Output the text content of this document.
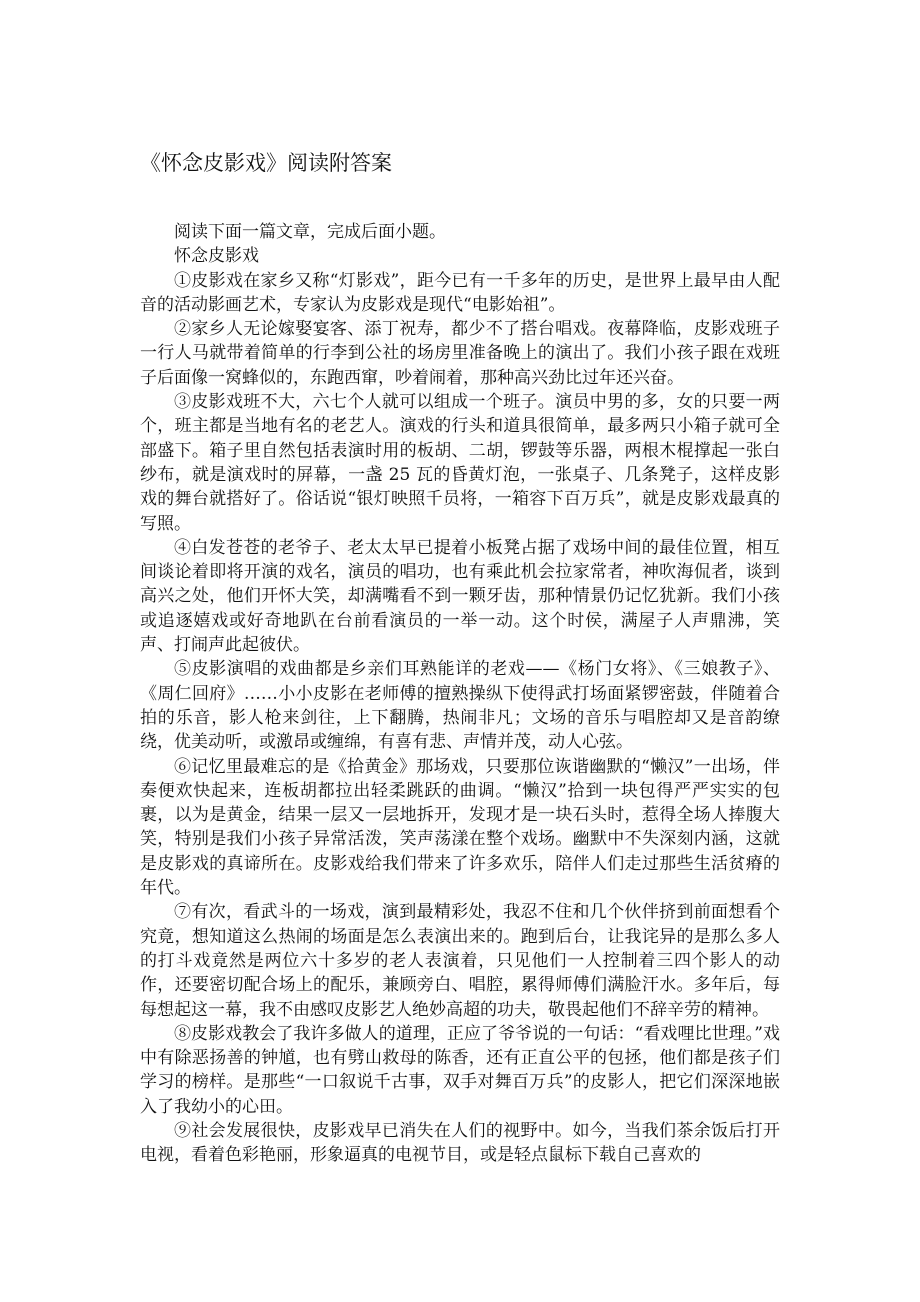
《怀念皮影戏》阅读附答案

阅读下面一篇文章，完成后面小题。

怀念皮影戏

①皮影戏在家乡又称“灯影戏”，距今已有一千多年的历史，是世界上最早由人配音的活动影画艺术，专家认为皮影戏是现代“电影始祖”。

②家乡人无论嫁娶宴客、添丁祝寿，都少不了搭台唱戏。夜幕降临，皮影戏班子一行人马就带着简单的行李到公社的场房里准备晚上的演出了。我们小孩子跟在戏班子后面像一窝蜂似的，东跑西窜，吵着闹着，那种高兴劲比过年还兴奋。

③皮影戏班不大，六七个人就可以组成一个班子。演员中男的多，女的只要一两个，班主都是当地有名的老艺人。演戏的行头和道具很简单，最多两只小箱子就可全部盛下。箱子里自然包括表演时用的板胡、二胡，锣鼓等乐器，两根木棍撑起一张白纱布，就是演戏时的屏幕，一盏 25 瓦的昏黄灯泡，一张桌子、几条凳子，这样皮影戏的舞台就搭好了。俗话说“银灯映照千员将，一箱容下百万兵”，就是皮影戏最真的写照。

④白发苍苍的老爷子、老太太早已提着小板凳占据了戏场中间的最佳位置，相互间谈论着即将开演的戏名，演员的唱功，也有乘此机会拉家常者，神吹海侃者，谈到高兴之处，他们开怀大笑，却满嘴看不到一颗牙齿，那种情景仍记忆犹新。我们小孩或追逐嬉戏或好奇地趴在台前看演员的一举一动。这个时侯，满屋子人声鼎沸，笑声、打闹声此起彼伏。

⑤皮影演唱的戏曲都是乡亲们耳熟能详的老戏——《杨门女将》、《三娘教子》、《周仁回府》……小小皮影在老师傅的擅熟操纵下使得武打场面紧锣密鼓，伴随着合拍的乐音，影人枪来剑往，上下翻腾，热闹非凡；文场的音乐与唱腔却又是音韵缭绕，优美动听，或激昂或缠绵，有喜有悲、声情并茂，动人心弦。

⑥记忆里最难忘的是《拾黄金》那场戏，只要那位诙谐幽默的“懒汉”一出场，伴奏便欢快起来，连板胡都拉出轻柔跳跃的曲调。“懒汉”拾到一块包得严严实实的包裹，以为是黄金，结果一层又一层地拆开，发现才是一块石头时，惹得全场人捧腹大笑，特别是我们小孩子异常活泼，笑声荡漾在整个戏场。幽默中不失深刻内涵，这就是皮影戏的真谛所在。皮影戏给我们带来了许多欢乐，陪伴人们走过那些生活贫瘠的年代。

⑦有次，看武斗的一场戏，演到最精彩处，我忍不住和几个伙伴挤到前面想看个究竟，想知道这么热闹的场面是怎么表演出来的。跑到后台，让我诧异的是那么多人的打斗戏竟然是两位六十多岁的老人表演着，只见他们一人控制着三四个影人的动作，还要密切配合场上的配乐，兼顾旁白、唱腔，累得师傅们满脸汗水。多年后，每每想起这一幕，我不由感叹皮影艺人绝妙高超的功夫，敬畏起他们不辞辛劳的精神。

⑧皮影戏教会了我许多做人的道理，正应了爷爷说的一句话：“看戏哩比世理。”戏中有除恶扬善的钟馗，也有劈山救母的陈香，还有正直公平的包拯，他们都是孩子们学习的榜样。是那些“一口叙说千古事，双手对舞百万兵”的皮影人，把它们深深地嵌入了我幼小的心田。

⑨社会发展很快，皮影戏早已消失在人们的视野中。如今，当我们茶余饭后打开电视，看着色彩艳丽，形象逼真的电视节目，或是轻点鼠标下载自己喜欢的
